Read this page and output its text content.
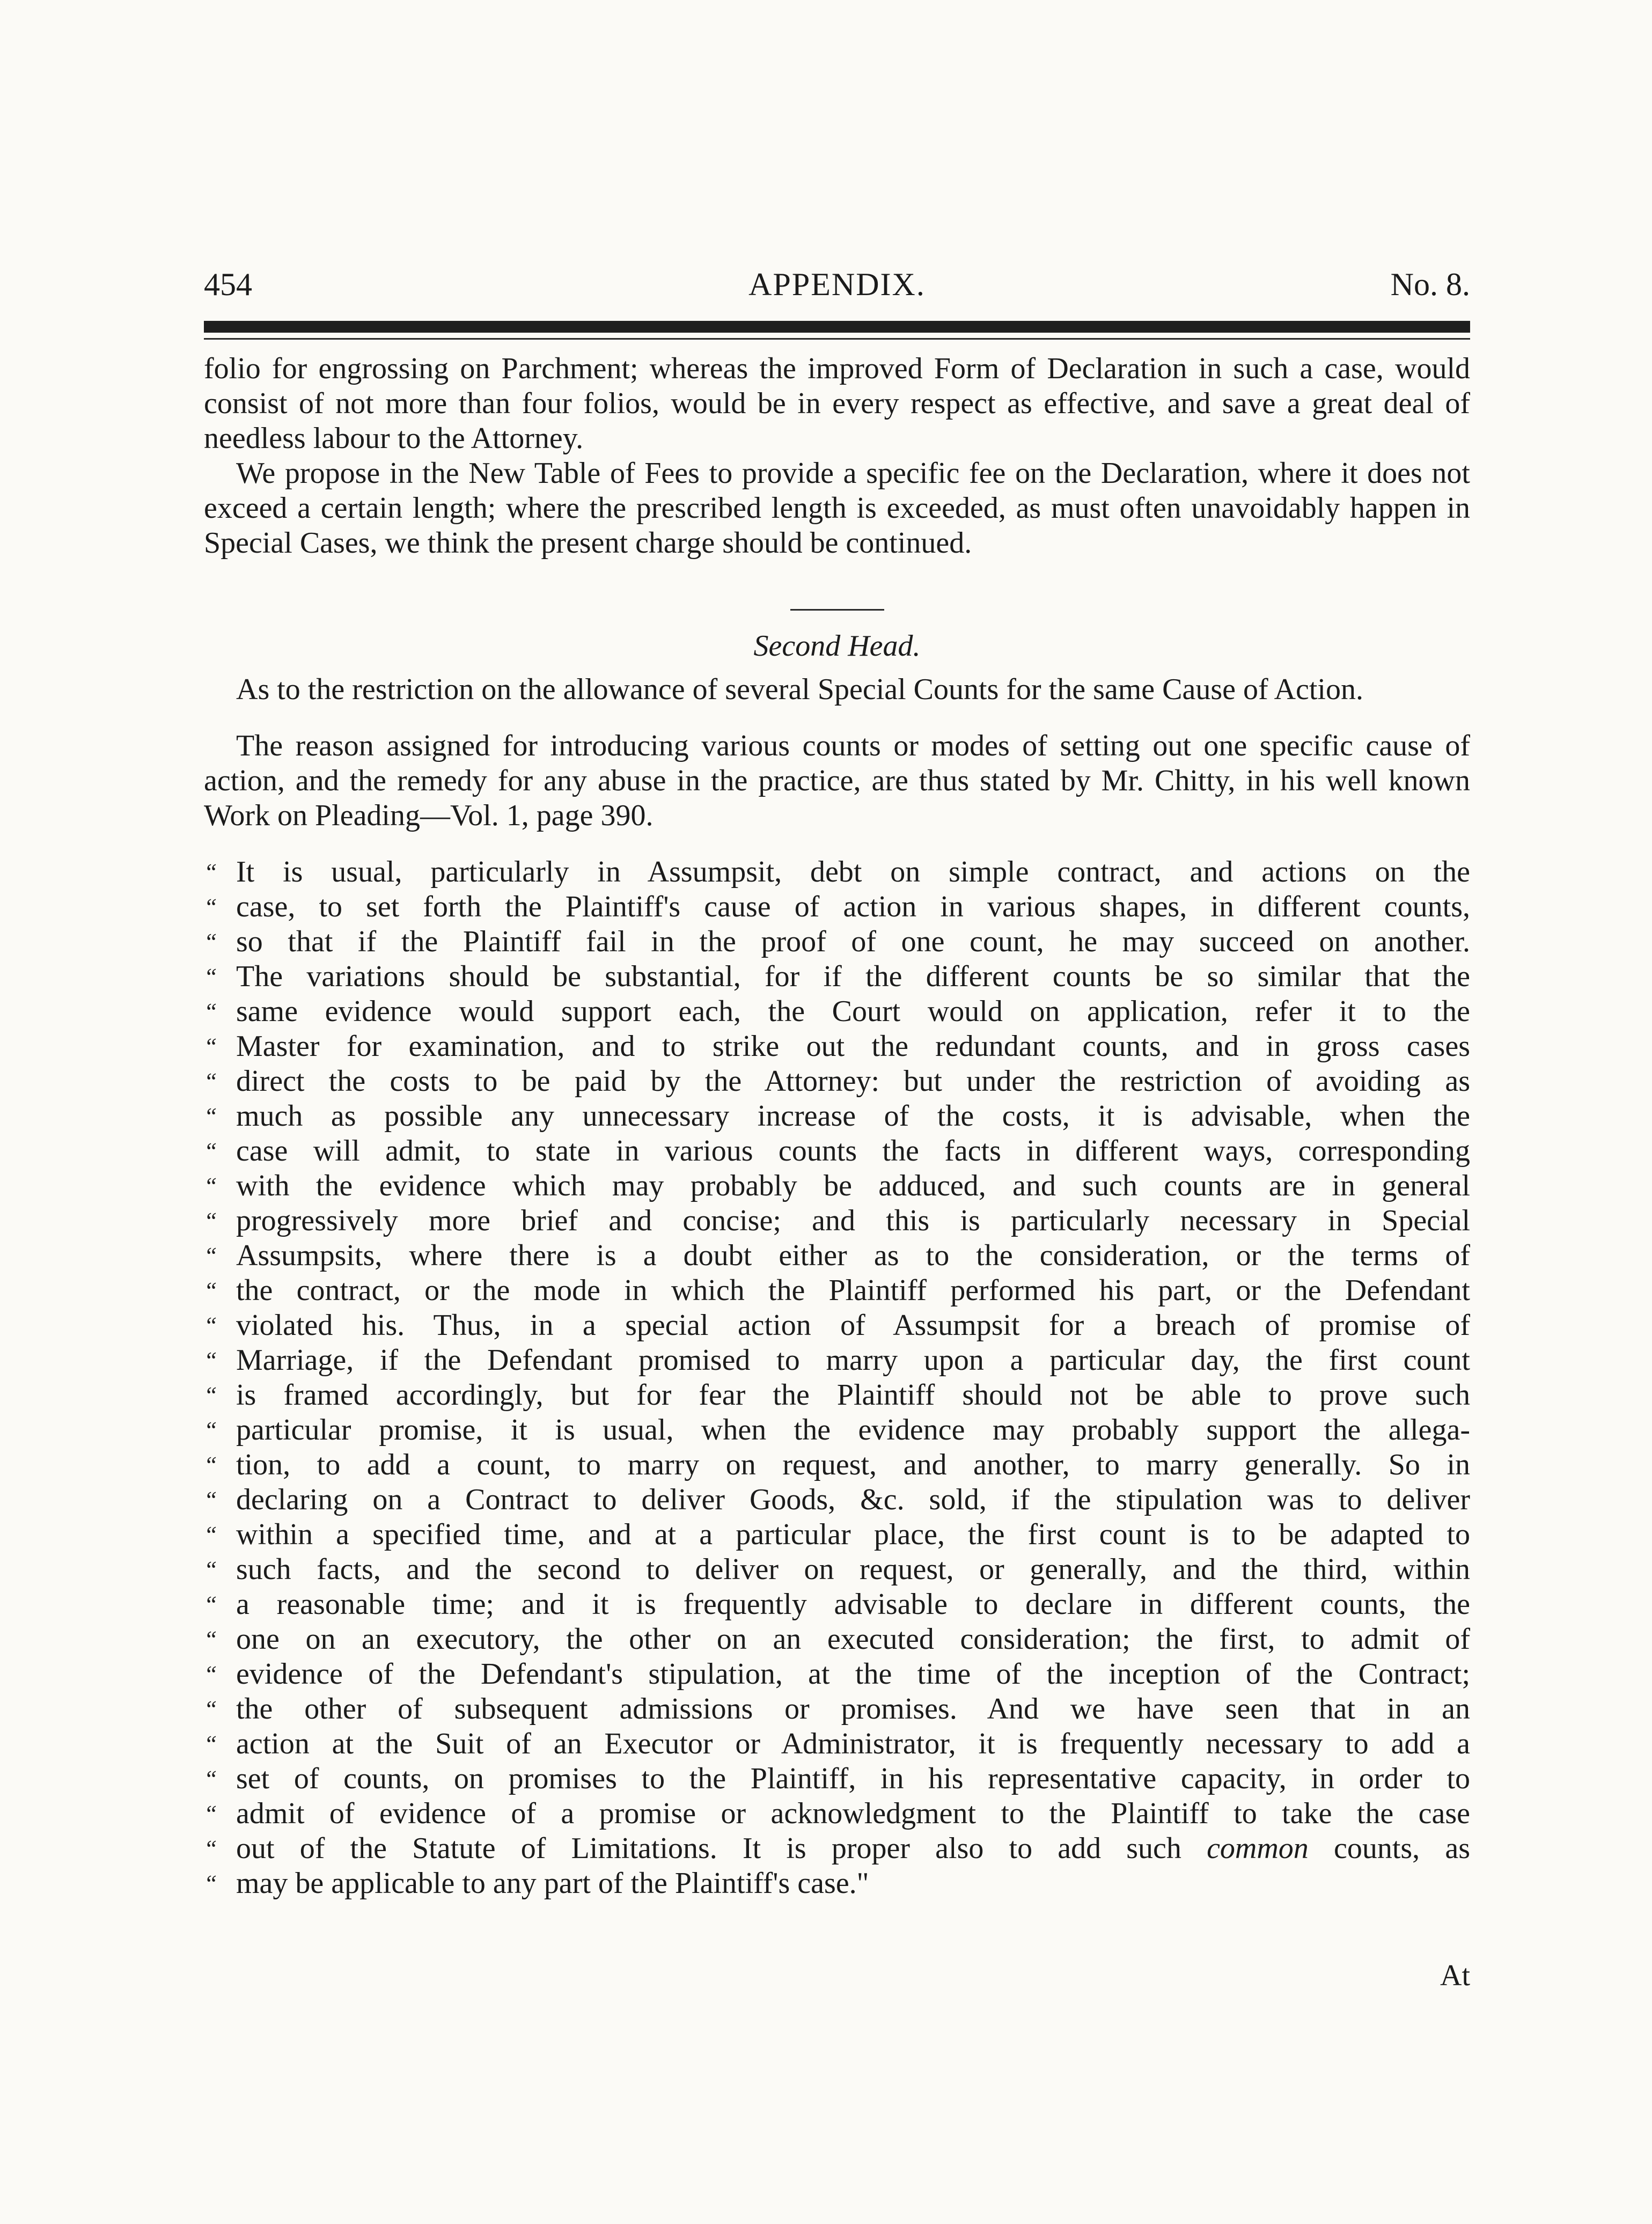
454	APPENDIX.	No. 8.

folio for engrossing on Parchment; whereas the improved Form of Declaration in such a case, would consist of not more than four folios, would be in every respect as effective, and save a great deal of needless labour to the Attorney.

We propose in the New Table of Fees to provide a specific fee on the Declaration, where it does not exceed a certain length; where the prescribed length is exceeded, as must often unavoidably happen in Special Cases, we think the present charge should be continued.

Second Head.

As to the restriction on the allowance of several Special Counts for the same Cause of Action.

The reason assigned for introducing various counts or modes of setting out one specific cause of action, and the remedy for any abuse in the practice, are thus stated by Mr. Chitty, in his well known Work on Pleading—Vol. 1, page 390.

“ It is usual, particularly in Assumpsit, debt on simple contract, and actions on the
“ case, to set forth the Plaintiff's cause of action in various shapes, in different counts,
“ so that if the Plaintiff fail in the proof of one count, he may succeed on another.
“ The variations should be substantial, for if the different counts be so similar that the
“ same evidence would support each, the Court would on application, refer it to the
“ Master for examination, and to strike out the redundant counts, and in gross cases
“ direct the costs to be paid by the Attorney: but under the restriction of avoiding as
“ much as possible any unnecessary increase of the costs, it is advisable, when the
“ case will admit, to state in various counts the facts in different ways, corresponding
“ with the evidence which may probably be adduced, and such counts are in general
“ progressively more brief and concise; and this is particularly necessary in Special
“ Assumpsits, where there is a doubt either as to the consideration, or the terms of
“ the contract, or the mode in which the Plaintiff performed his part, or the Defendant
“ violated his. Thus, in a special action of Assumpsit for a breach of promise of
“ Marriage, if the Defendant promised to marry upon a particular day, the first count
“ is framed accordingly, but for fear the Plaintiff should not be able to prove such
“ particular promise, it is usual, when the evidence may probably support the allega-
“ tion, to add a count, to marry on request, and another, to marry generally. So in
“ declaring on a Contract to deliver Goods, &c. sold, if the stipulation was to deliver
“ within a specified time, and at a particular place, the first count is to be adapted to
“ such facts, and the second to deliver on request, or generally, and the third, within
“ a reasonable time; and it is frequently advisable to declare in different counts, the
“ one on an executory, the other on an executed consideration; the first, to admit of
“ evidence of the Defendant's stipulation, at the time of the inception of the Contract;
“ the other of subsequent admissions or promises. And we have seen that in an
“ action at the Suit of an Executor or Administrator, it is frequently necessary to add a
“ set of counts, on promises to the Plaintiff, in his representative capacity, in order to
“ admit of evidence of a promise or acknowledgment to the Plaintiff to take the case
“ out of the Statute of Limitations. It is proper also to add such common counts, as
“ may be applicable to any part of the Plaintiff's case."
At
